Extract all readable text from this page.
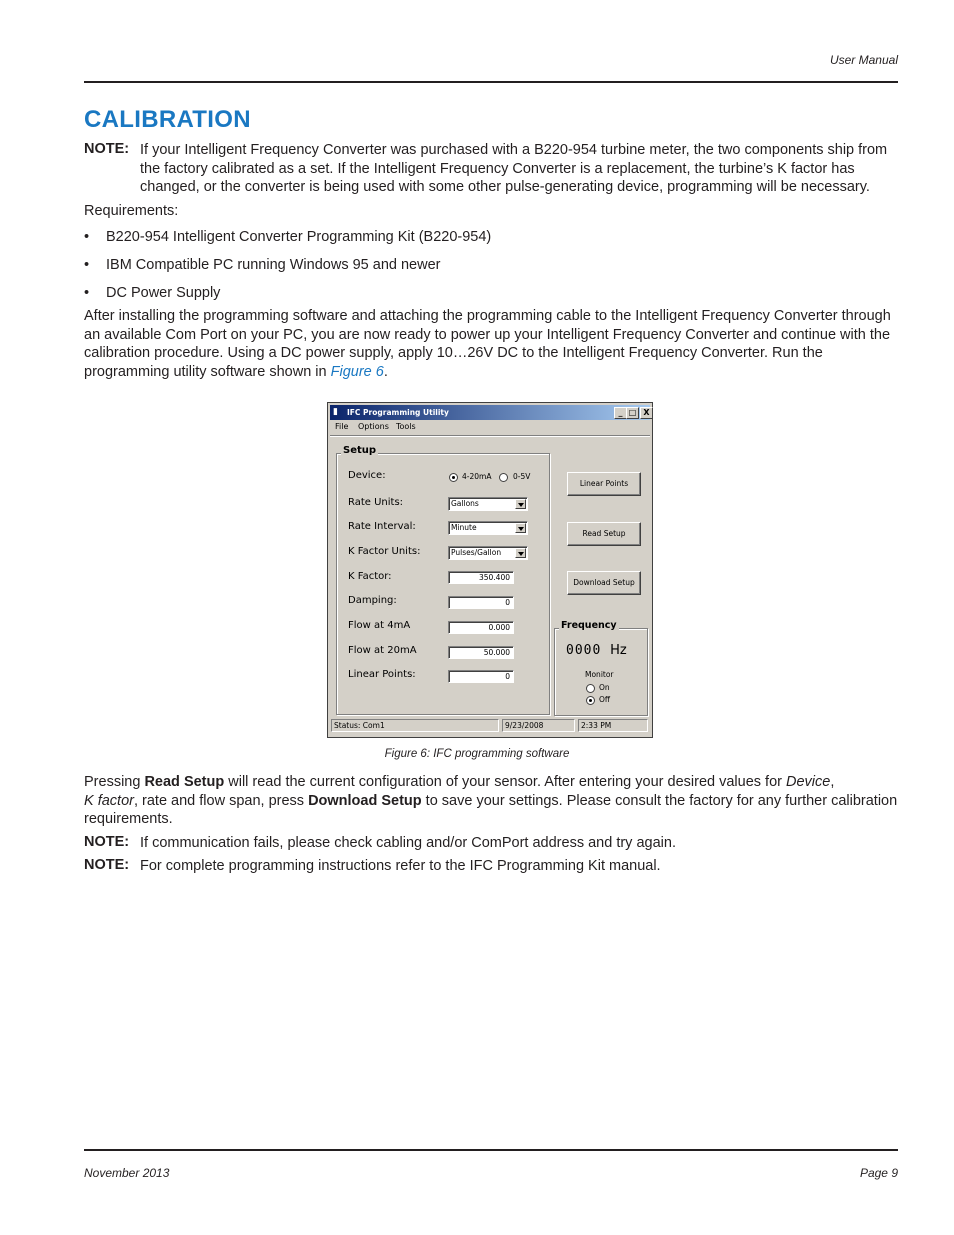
User Manual
CALIBRATION
NOTE: If your Intelligent Frequency Converter was purchased with a B220-954 turbine meter, the two components ship from the factory calibrated as a set. If the Intelligent Frequency Converter is a replacement, the turbine’s K factor has changed, or the converter is being used with some other pulse-generating device, programming will be necessary.

Requirements:

• B220-954 Intelligent Converter Programming Kit (B220-954)
• IBM Compatible PC running Windows 95 and newer
• DC Power Supply

After installing the programming software and attaching the programming cable to the Intelligent Frequency Converter through an available Com Port on your PC, you are now ready to power up your Intelligent Frequency Converter and continue with the calibration procedure. Using a DC power supply, apply 10…26V DC to the Intelligent Frequency Converter. Run the programming utility software shown in Figure 6.

▮	IFC Programming Utility	_ □ X
File Options Tools
Setup
Device:	4-20mA	0-5V
Rate Units:	Gallons
Rate Interval:	Minute
K Factor Units:	Pulses/Gallon
K Factor:	350.400
Damping:	0
Flow at 4mA	0.000
Flow at 20mA	50.000
Linear Points:	0
Linear Points
Read Setup
Download Setup
Frequency
0000 Hz
Monitor
On
Off
Status: Com1	9/23/2008	2:33 PM
Figure 6: IFC programming software

Pressing Read Setup will read the current configuration of your sensor. After entering your desired values for Device,
K factor, rate and flow span, press Download Setup to save your settings. Please consult the factory for any further calibration requirements.

NOTE: If communication fails, please check cabling and/or ComPort address and try again.

NOTE: For complete programming instructions refer to the IFC Programming Kit manual.

November 2013	Page 9
